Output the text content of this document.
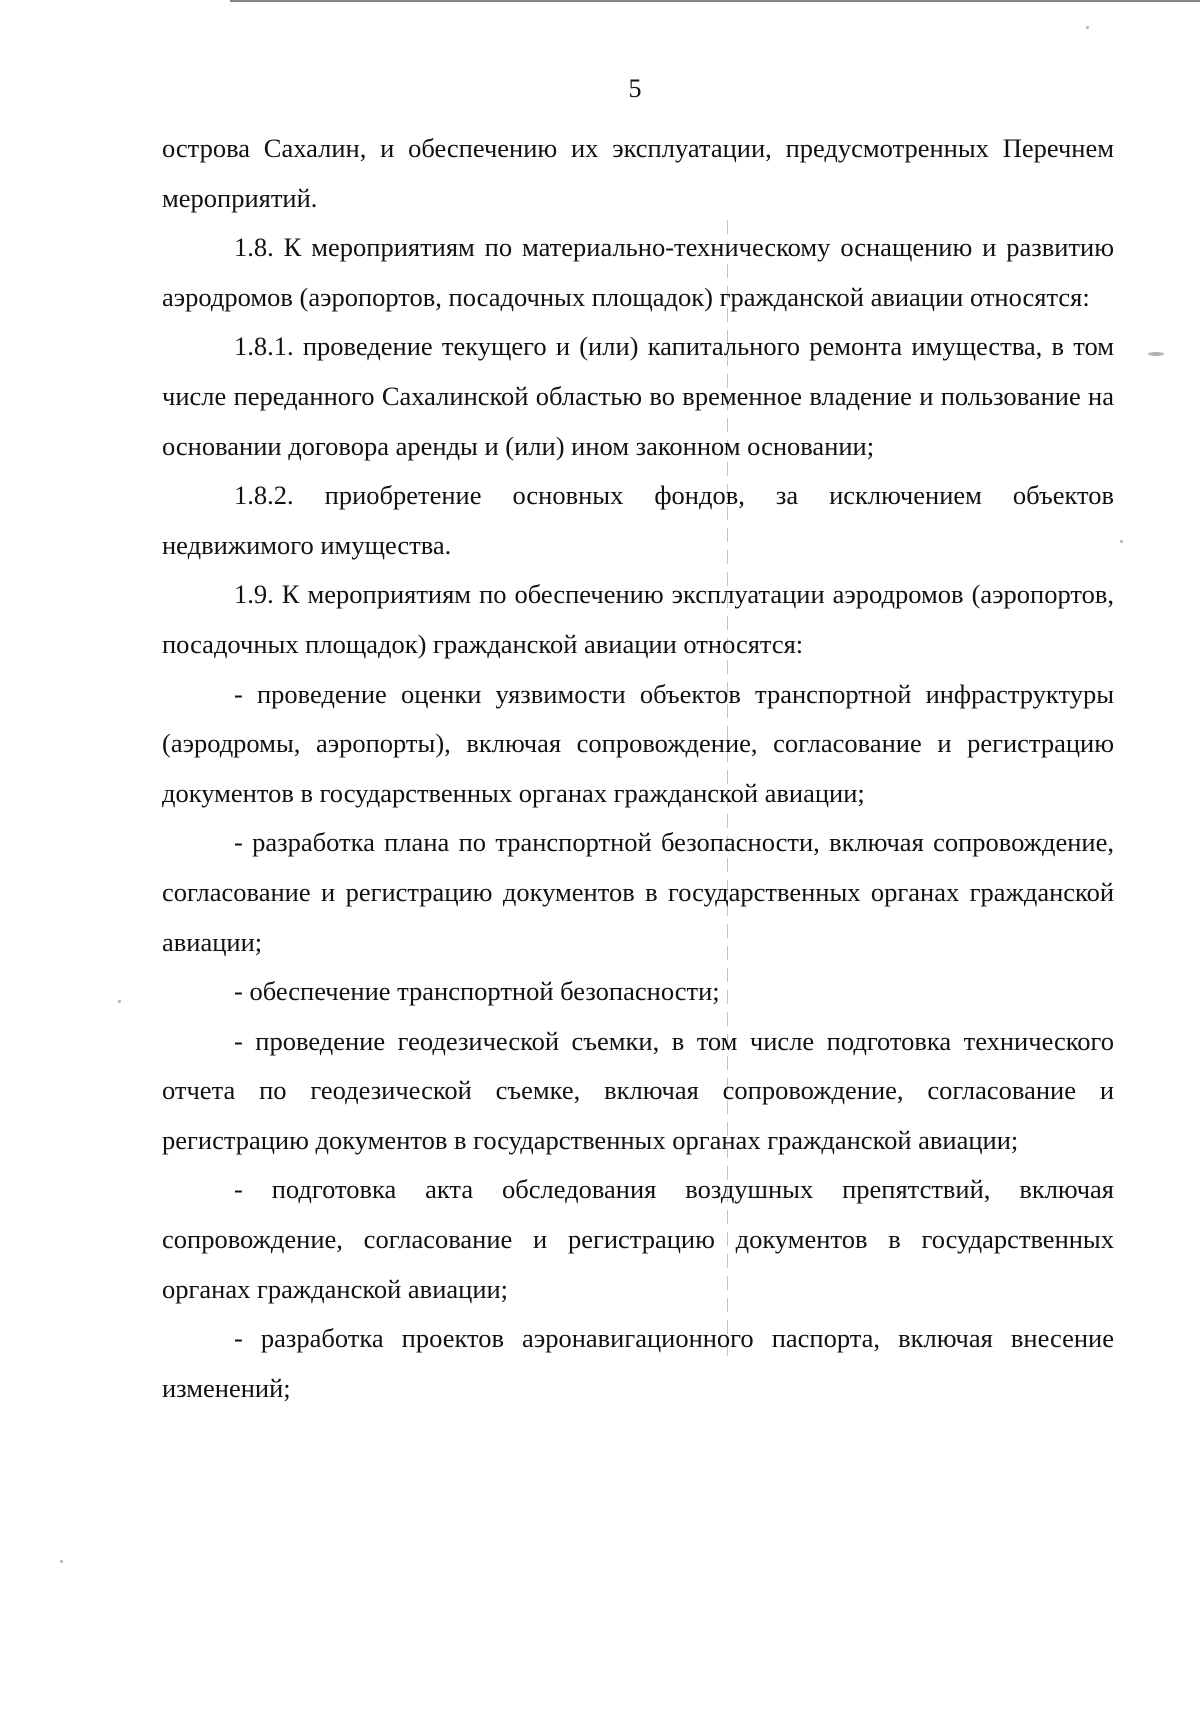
5

острова Сахалин, и обеспечению их эксплуатации, предусмотренных Перечнем мероприятий.

1.8. К мероприятиям по материально-техническому оснащению и развитию аэродромов (аэропортов, посадочных площадок) гражданской авиации относятся:

1.8.1. проведение текущего и (или) капитального ремонта имущества, в том числе переданного Сахалинской областью во временное владение и пользование на основании договора аренды и (или) ином законном основании;

1.8.2. приобретение основных фондов, за исключением объектов недвижимого имущества.

1.9. К мероприятиям по обеспечению эксплуатации аэродромов (аэропортов, посадочных площадок) гражданской авиации относятся:

- проведение оценки уязвимости объектов транспортной инфраструктуры (аэродромы, аэропорты), включая сопровождение, согласование и регистрацию документов в государственных органах гражданской авиации;

- разработка плана по транспортной безопасности, включая сопровождение, согласование и регистрацию документов в государственных органах гражданской авиации;

- обеспечение транспортной безопасности;

- проведение геодезической съемки, в том числе подготовка технического отчета по геодезической съемке, включая сопровождение, согласование и регистрацию документов в государственных органах гражданской авиации;

- подготовка акта обследования воздушных препятствий, включая сопровождение, согласование и регистрацию документов в государственных органах гражданской авиации;

- разработка проектов аэронавигационного паспорта, включая внесение изменений;
